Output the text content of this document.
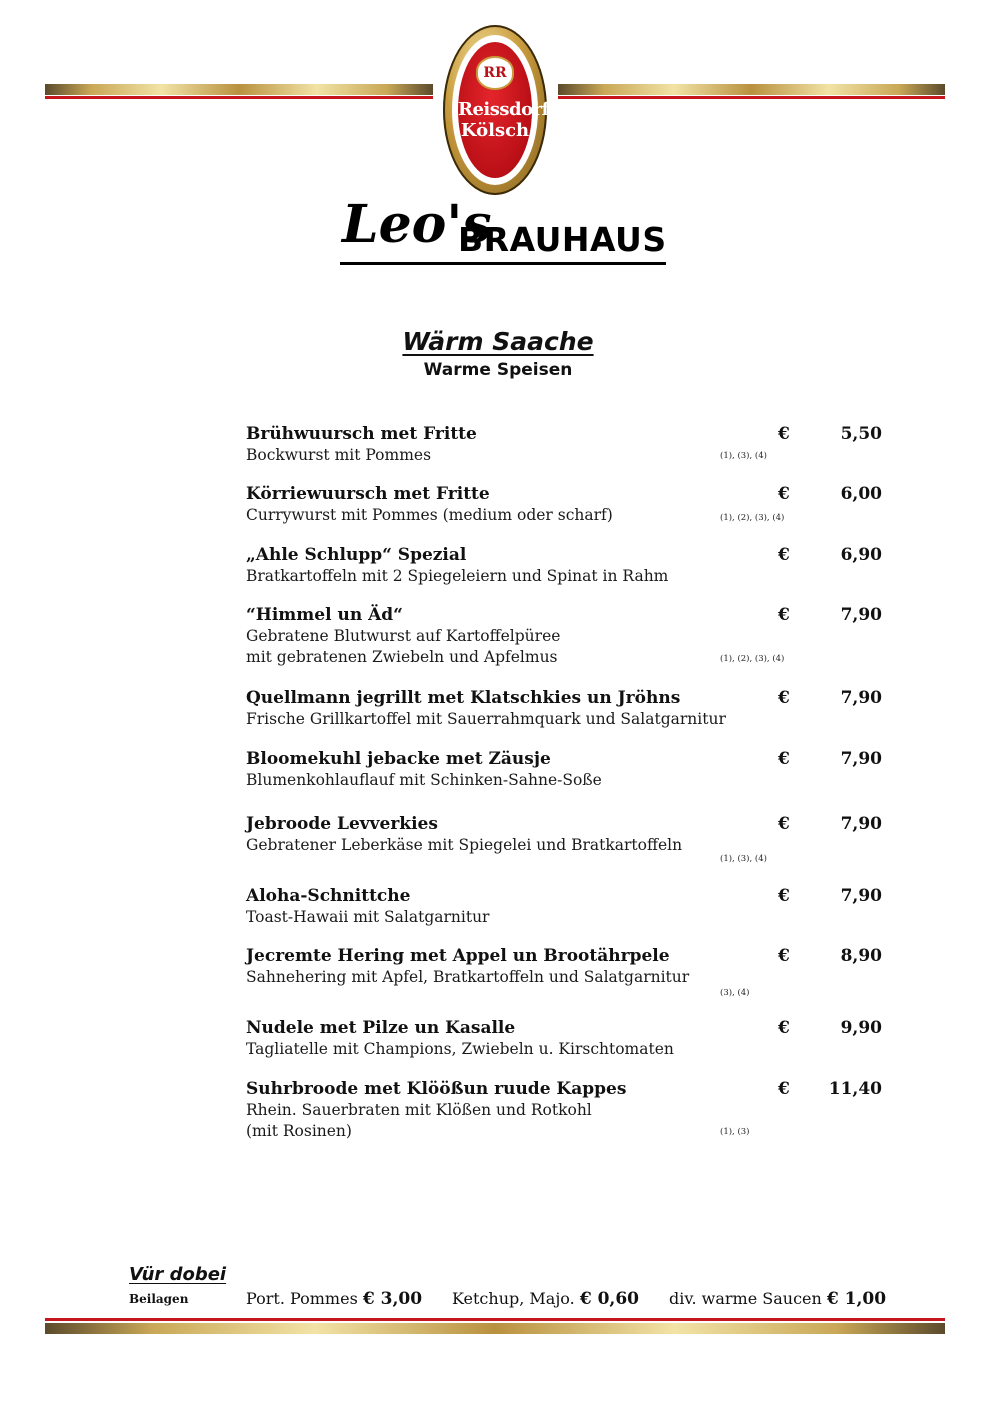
RR
Reissdorf
Kölsch
Leo's
BRAUHAUS
Wärm Saache
Warme Speisen
Brühwuursch met Fritte
Bockwurst mit Pommes
€	5,50
(1), (3), (4)
Körriewuursch met Fritte
Currywurst mit Pommes (medium oder scharf)
€	6,00
(1), (2), (3), (4)
„Ahle Schlupp“ Spezial
Bratkartoffeln mit 2 Spiegeleiern und Spinat in Rahm
€	6,90
“Himmel un Äd“
Gebratene Blutwurst auf Kartoffelpüree
mit gebratenen Zwiebeln und Apfelmus
€	7,90
(1), (2), (3), (4)
Quellmann jegrillt met Klatschkies un Jröhns
Frische Grillkartoffel mit Sauerrahmquark und Salatgarnitur
€	7,90
Bloomekuhl jebacke met Zäusje
Blumenkohlauflauf mit Schinken-Sahne-Soße
€	7,90
Jebroode Levverkies
Gebratener Leberkäse mit Spiegelei und Bratkartoffeln
€	7,90
(1), (3), (4)
Aloha-Schnittche
Toast-Hawaii mit Salatgarnitur
€	7,90
Jecremte Hering met Appel un Brootährpele
Sahnehering mit Apfel, Bratkartoffeln und Salatgarnitur
€	8,90
(3), (4)
Nudele met Pilze un Kasalle
Tagliatelle mit Champions, Zwiebeln u. Kirschtomaten
€	9,90
Suhrbroode met Klöößun ruude Kappes
Rhein. Sauerbraten mit Klößen und Rotkohl
(mit Rosinen)
€ 11,40
(1), (3)
Vür dobei
Beilagen	Port. Pommes € 3,00 Ketchup, Majo. € 0,60 div. warme Saucen € 1,00
